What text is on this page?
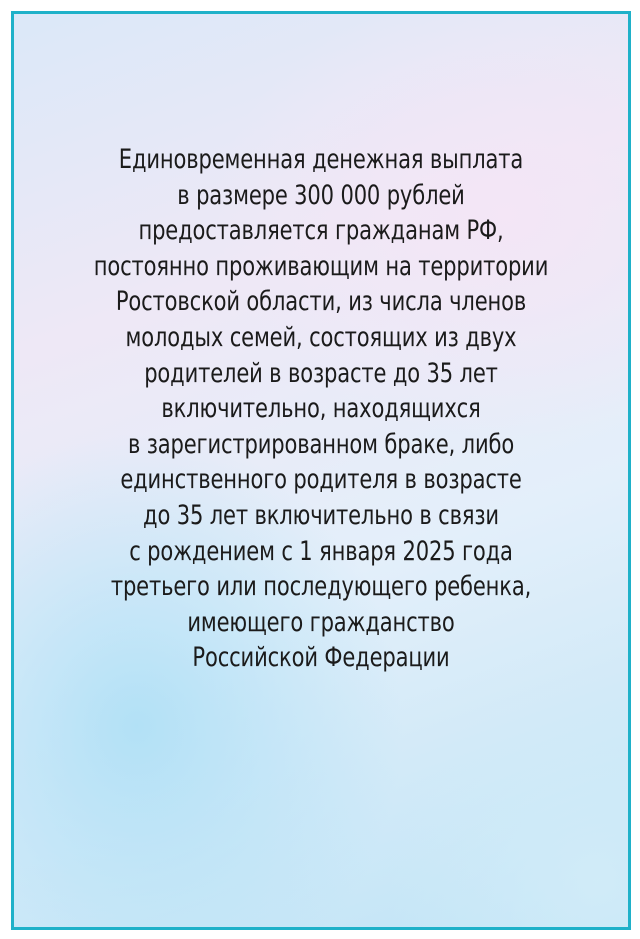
Единовременная денежная выплата
в размере 300 000 рублей
предоставляется гражданам РФ,
постоянно проживающим на территории
Ростовской области, из числа членов
молодых семей, состоящих из двух
родителей в возрасте до 35 лет
включительно, находящихся
в зарегистрированном браке, либо
единственного родителя в возрасте
до 35 лет включительно в связи
с рождением с 1 января 2025 года
третьего или последующего ребенка,
имеющего гражданство
Российской Федерации
